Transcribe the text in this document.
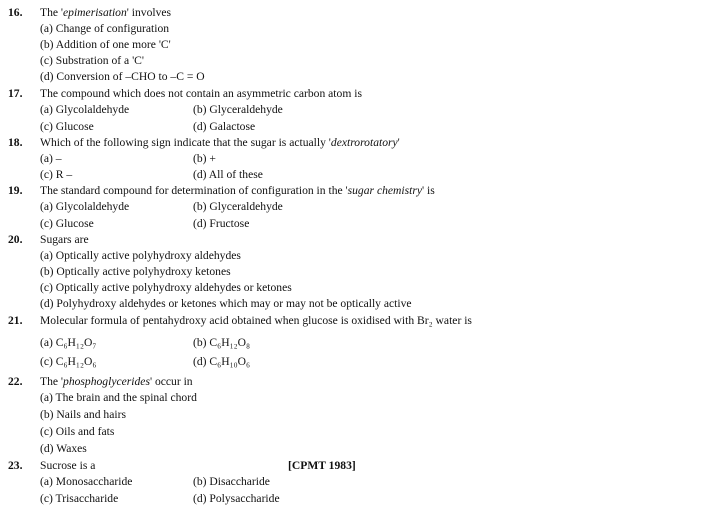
16. The 'epimerisation' involves
(a) Change of configuration
(b) Addition of one more 'C'
(c) Substration of a 'C'
(d) Conversion of –CHO to –C = O
17. The compound which does not contain an asymmetric carbon atom is
(a) Glycolaldehyde	(b) Glyceraldehyde
(c) Glucose	(d) Galactose
18. Which of the following sign indicate that the sugar is actually 'dextrorotatory'
(a) –	(b) +
(c) R –	(d) All of these
19. The standard compound for determination of configuration in the 'sugar chemistry' is
(a) Glycolaldehyde	(b) Glyceraldehyde
(c) Glucose	(d) Fructose
20. Sugars are
(a) Optically active polyhydroxy aldehydes
(b) Optically active polyhydroxy ketones
(c) Optically active polyhydroxy aldehydes or ketones
(d) Polyhydroxy aldehydes or ketones which may or may not be optically active
21. Molecular formula of pentahydroxy acid obtained when glucose is oxidised with Br₂ water is
(a) C₆H₁₂O₇	(b) C₆H₁₂O₈
(c) C₆H₁₂O₆	(d) C₆H₁₀O₆
22. The 'phosphoglycerides' occur in
(a) The brain and the spinal chord
(b) Nails and hairs
(c) Oils and fats
(d) Waxes
23. Sucrose is a	[CPMT 1983]
(a) Monosaccharide	(b) Disaccharide
(c) Trisaccharide	(d) Polysaccharide
